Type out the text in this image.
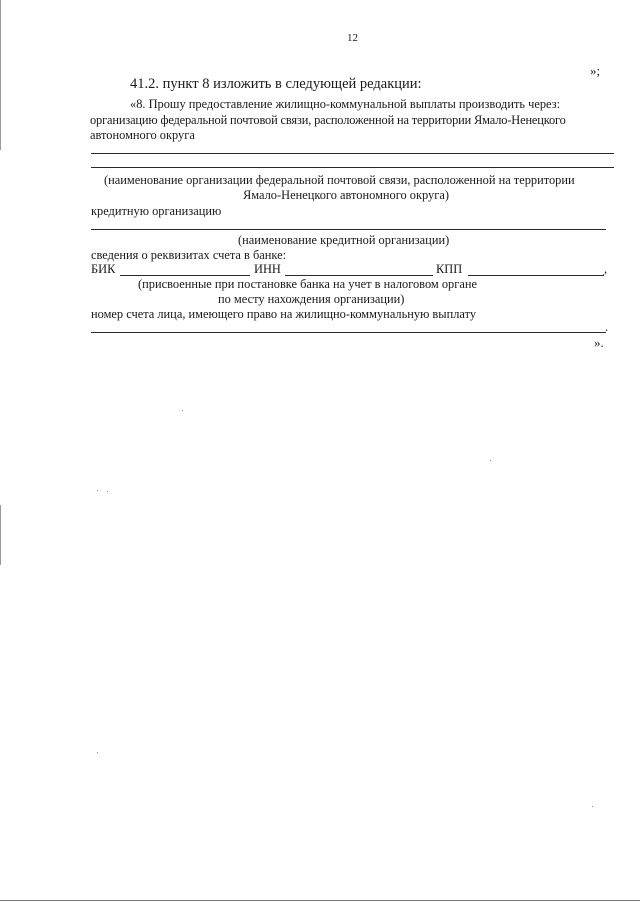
12
»;
41.2. пункт 8 изложить в следующей редакции:
«8. Прошу предоставление жилищно-коммунальной выплаты производить через:
организацию федеральной почтовой связи, расположенной на территории Ямало-Ненецкого
автономного округа
(наименование организации федеральной почтовой связи, расположенной на территории
Ямало-Ненецкого автономного округа)
кредитную организацию
(наименование кредитной организации)
сведения о реквизитах счета в банке:
БИК	ИНН	КПП	,
(присвоенные при постановке банка на учет в налоговом органе
по месту нахождения организации)
номер счета лица, имеющего право на жилищно-коммунальную выплату
.
».
